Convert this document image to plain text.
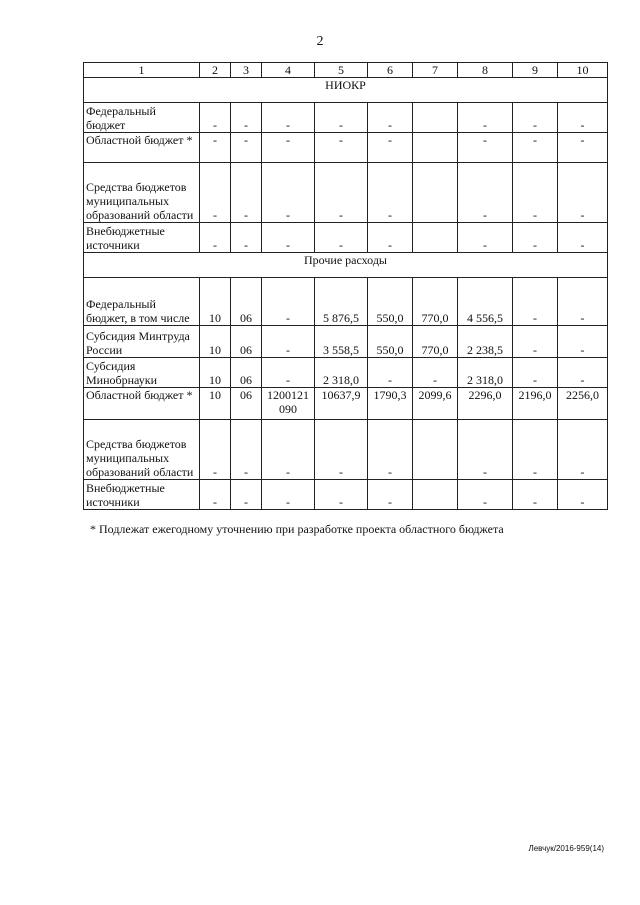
2
1	2	3	4	5	6	7	8	9	10
НИОКР									
Федеральный бюджет	-	-	-	-	-		-	-	-
Областной бюджет *	-	-	-	-	-		-	-	-
Средства бюджетов муниципальных образований области	-	-	-	-	-		-	-	-
Внебюджетные источники	-	-	-	-	-		-	-	-
Прочие расходы									
Федеральный бюджет, в том числе	10	06	-	5 876,5	550,0	770,0	4 556,5	-	-
Субсидия Минтруда России	10	06	-	3 558,5	550,0	770,0	2 238,5	-	-
Субсидия Минобрнауки	10	06	-	2 318,0	-	-	2 318,0	-	-
Областной бюджет *	10	06	1200121 090	10637,9	1790,3	2099,6	2296,0	2196,0	2256,0
Средства бюджетов муниципальных образований области	-	-	-	-	-		-	-	-
Внебюджетные источники	-	-	-	-	-		-	-	-
* Подлежат ежегодному уточнению при разработке проекта областного бюджета
Левчук/2016-959(14)
